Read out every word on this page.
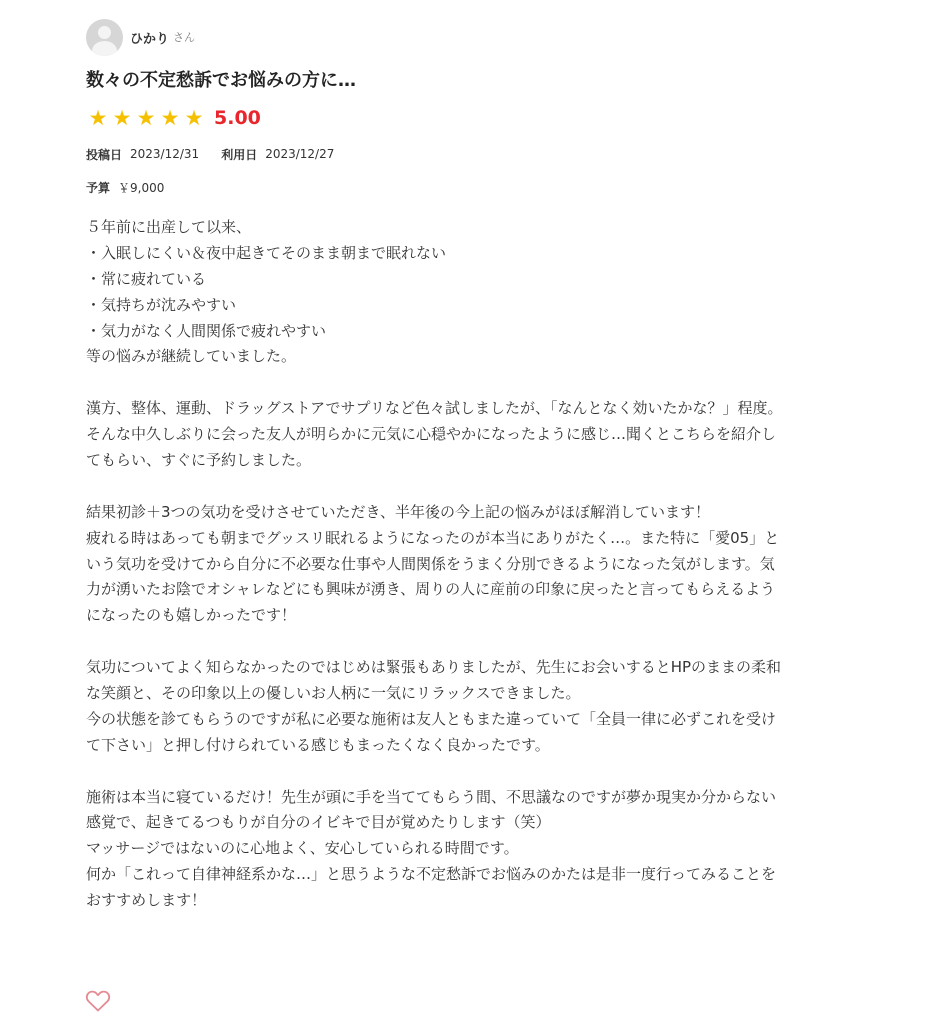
ひかり さん
数々の不定愁訴でお悩みの方に…
★ ★ ★ ★ ★ 5.00
投稿日 2023/12/31 利用日 2023/12/27
予算 ￥9,000
５年前に出産して以来、
・入眠しにくい＆夜中起きてそのまま朝まで眠れない
・常に疲れている
・気持ちが沈みやすい
・気力がなく人間関係で疲れやすい
等の悩みが継続していました。

漢方、整体、運動、ドラッグストアでサプリなど色々試しましたが、「なんとなく効いたかな？」程度。
そんな中久しぶりに会った友人が明らかに元気に心穏やかになったように感じ…聞くとこちらを紹介し
てもらい、すぐに予約しました。

結果初診＋3つの気功を受けさせていただき、半年後の今上記の悩みがほぼ解消しています！
疲れる時はあっても朝までグッスリ眠れるようになったのが本当にありがたく…。また特に「愛05」と
いう気功を受けてから自分に不必要な仕事や人間関係をうまく分別できるようになった気がします。気
力が湧いたお陰でオシャレなどにも興味が湧き、周りの人に産前の印象に戻ったと言ってもらえるよう
になったのも嬉しかったです！

気功についてよく知らなかったのではじめは緊張もありましたが、先生にお会いするとHPのままの柔和
な笑顔と、その印象以上の優しいお人柄に一気にリラックスできました。
今の状態を診てもらうのですが私に必要な施術は友人ともまた違っていて「全員一律に必ずこれを受け
て下さい」と押し付けられている感じもまったくなく良かったです。

施術は本当に寝ているだけ！先生が頭に手を当ててもらう間、不思議なのですが夢か現実か分からない
感覚で、起きてるつもりが自分のイビキで目が覚めたりします（笑）
マッサージではないのに心地よく、安心していられる時間です。
何か「これって自律神経系かな…」と思うような不定愁訴でお悩みのかたは是非一度行ってみることを
おすすめします！
